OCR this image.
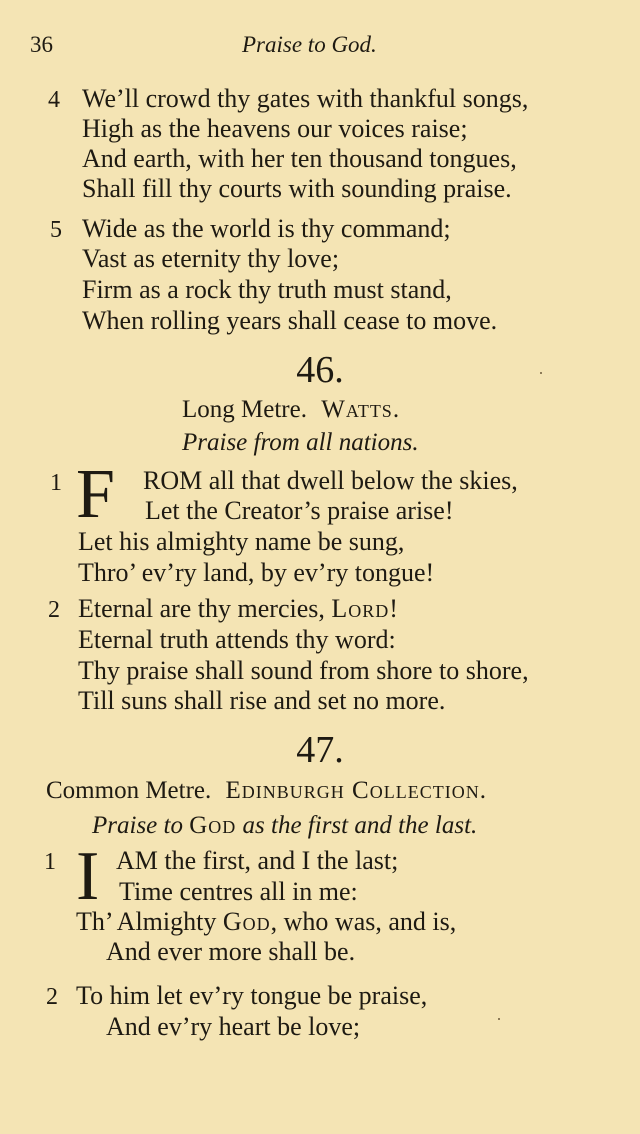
36	Praise to God.
4 We’ll crowd thy gates with thankful songs,
High as the heavens our voices raise;
And earth, with her ten thousand tongues,
Shall fill thy courts with sounding praise.
5 Wide as the world is thy command;
Vast as eternity thy love;
Firm as a rock thy truth must stand,
When rolling years shall cease to move.
46.
Long Metre. Watts.
Praise from all nations.
1 F ROM all that dwell below the skies,
Let the Creator’s praise arise!
Let his almighty name be sung,
Thro’ ev’ry land, by ev’ry tongue!
2 Eternal are thy mercies, Lord!
Eternal truth attends thy word:
Thy praise shall sound from shore to shore,
Till suns shall rise and set no more.
47.
Common Metre. Edinburgh Collection.
Praise to God as the first and the last.
1 I AM the first, and I the last;
Time centres all in me:
Th’ Almighty God, who was, and is,
And ever more shall be.
2 To him let ev’ry tongue be praise,
And ev’ry heart be love;
